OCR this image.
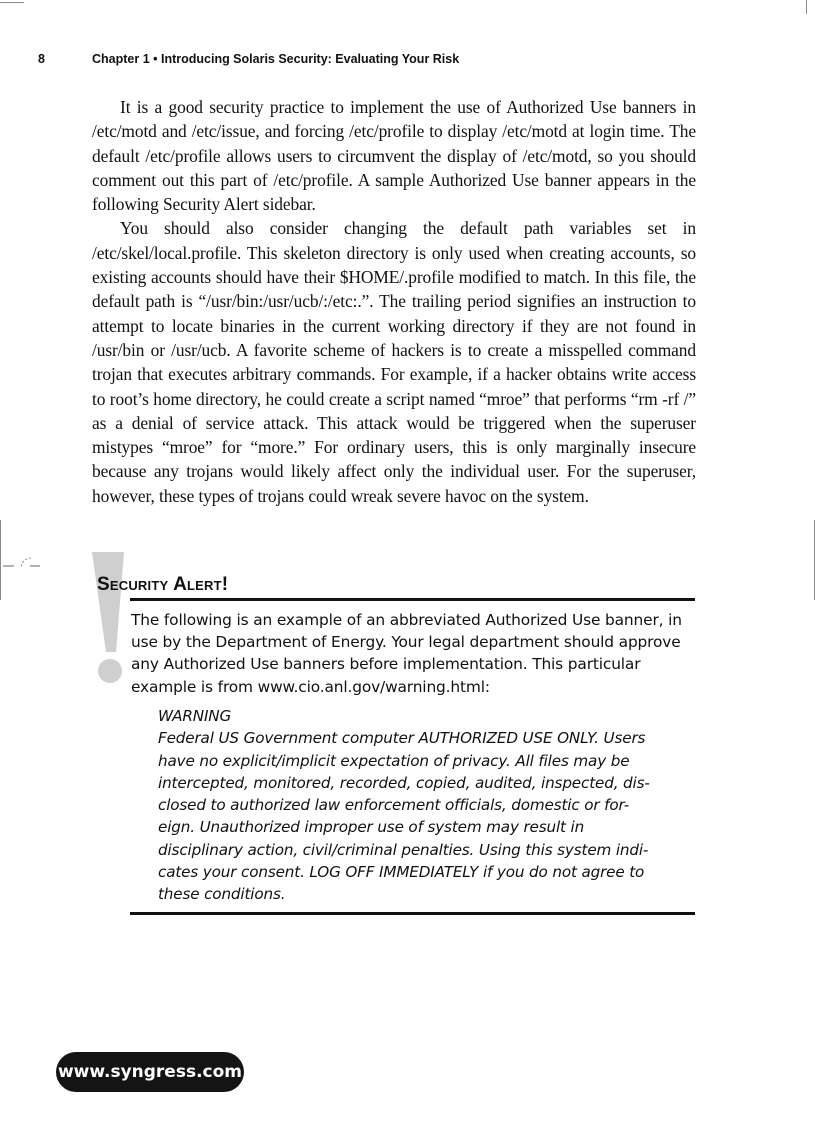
8	Chapter 1 • Introducing Solaris Security: Evaluating Your Risk

It is a good security practice to implement the use of Authorized Use banners in /etc/motd and /etc/issue, and forcing /etc/profile to display /etc/motd at login time. The default /etc/profile allows users to circumvent the display of /etc/motd, so you should comment out this part of /etc/profile. A sample Authorized Use banner appears in the following Security Alert sidebar.

You should also consider changing the default path variables set in /etc/skel/local.profile. This skeleton directory is only used when creating accounts, so existing accounts should have their $HOME/.profile modified to match. In this file, the default path is “/usr/bin:/usr/ucb/:/etc:.”. The trailing period signifies an instruction to attempt to locate binaries in the current working directory if they are not found in /usr/bin or /usr/ucb. A favorite scheme of hackers is to create a misspelled command trojan that executes arbitrary commands. For example, if a hacker obtains write access to root’s home directory, he could create a script named “mroe” that performs “rm -rf /” as a denial of service attack. This attack would be triggered when the superuser mistypes “mroe” for “more.” For ordinary users, this is only marginally insecure because any trojans would likely affect only the individual user. For the superuser, however, these types of trojans could wreak severe havoc on the system.

Security Alert!

The following is an example of an abbreviated Authorized Use banner, in use by the Department of Energy. Your legal department should approve any Authorized Use banners before implementation. This particular example is from www.cio.anl.gov/warning.html:

WARNING
Federal US Government computer AUTHORIZED USE ONLY. Users
have no explicit/implicit expectation of privacy. All files may be
intercepted, monitored, recorded, copied, audited, inspected, dis-
closed to authorized law enforcement officials, domestic or for-
eign. Unauthorized improper use of system may result in
disciplinary action, civil/criminal penalties. Using this system indi-
cates your consent. LOG OFF IMMEDIATELY if you do not agree to
these conditions.
www.syngress.com
